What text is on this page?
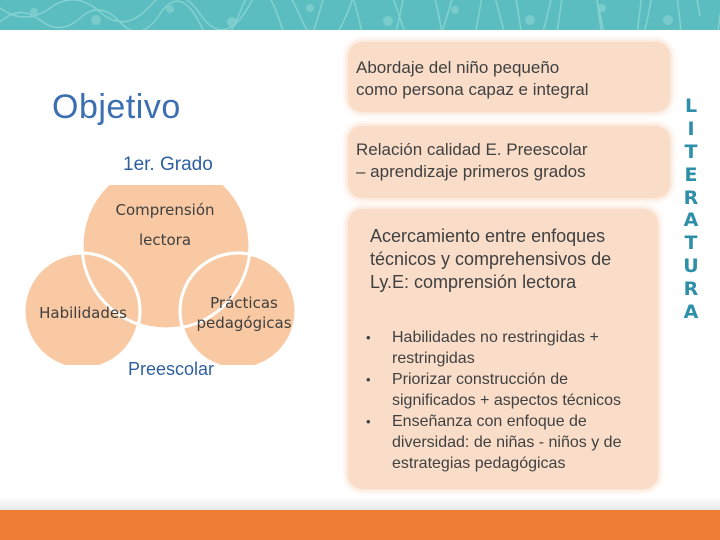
Objetivo
1er. Grado
Comprensión
lectora
Habilidades
Prácticas
pedagógicas
Preescolar
Abordaje del niño pequeño
como persona capaz e integral
Relación calidad E. Preescolar
– aprendizaje primeros grados
Acercamiento entre enfoques técnicos y comprehensivos de Ly.E: comprensión lectora
• Habilidades no restringidas + restringidas
• Priorizar construcción de significados + aspectos técnicos
• Enseñanza con enfoque de diversidad: de niñas - niños y de estrategias pedagógicas
L
I
T
E
R
A
T
U
R
A
